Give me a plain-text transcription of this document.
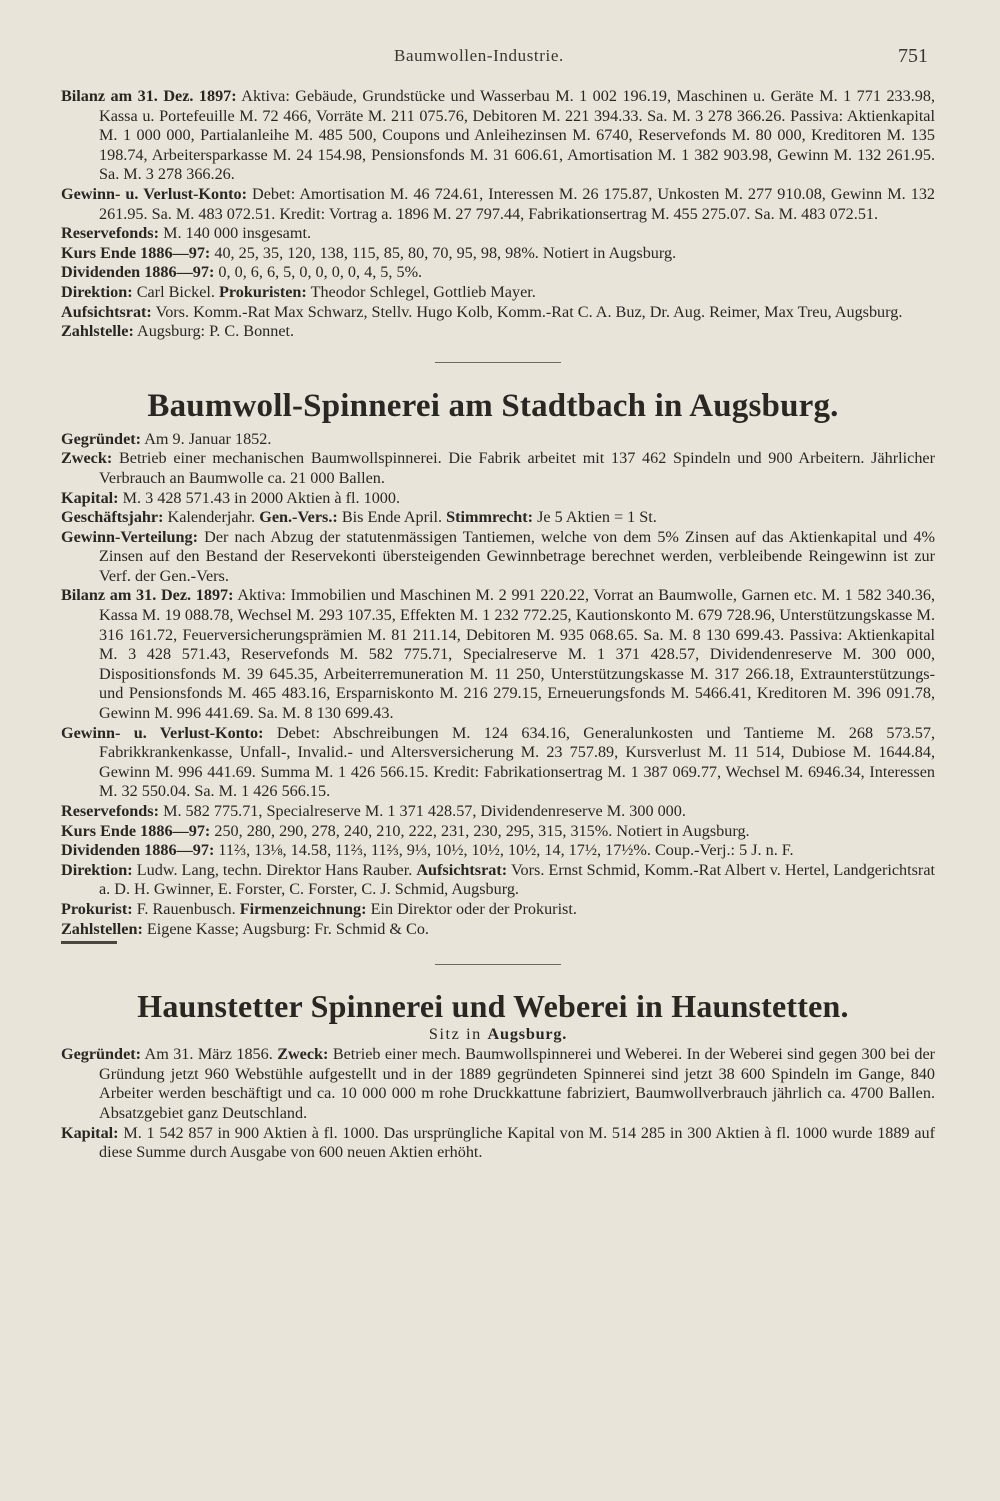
Baumwollen-Industrie.	751

Bilanz am 31. Dez. 1897: Aktiva: Gebäude, Grundstücke und Wasserbau M. 1 002 196.19, Maschinen u. Geräte M. 1 771 233.98, Kassa u. Portefeuille M. 72 466, Vorräte M. 211 075.76, Debitoren M. 221 394.33. Sa. M. 3 278 366.26. Passiva: Aktienkapital M. 1 000 000, Partialanleihe M. 485 500, Coupons und Anleihezinsen M. 6740, Reservefonds M. 80 000, Kreditoren M. 135 198.74, Arbeitersparkasse M. 24 154.98, Pensionsfonds M. 31 606.61, Amortisation M. 1 382 903.98, Gewinn M. 132 261.95. Sa. M. 3 278 366.26.

Gewinn- u. Verlust-Konto: Debet: Amortisation M. 46 724.61, Interessen M. 26 175.87, Unkosten M. 277 910.08, Gewinn M. 132 261.95. Sa. M. 483 072.51. Kredit: Vortrag a. 1896 M. 27 797.44, Fabrikationsertrag M. 455 275.07. Sa. M. 483 072.51.

Reservefonds: M. 140 000 insgesamt.

Kurs Ende 1886—97: 40, 25, 35, 120, 138, 115, 85, 80, 70, 95, 98, 98%. Notiert in Augsburg.

Dividenden 1886—97: 0, 0, 6, 6, 5, 0, 0, 0, 0, 4, 5, 5%.

Direktion: Carl Bickel. Prokuristen: Theodor Schlegel, Gottlieb Mayer.

Aufsichtsrat: Vors. Komm.-Rat Max Schwarz, Stellv. Hugo Kolb, Komm.-Rat C. A. Buz, Dr. Aug. Reimer, Max Treu, Augsburg.

Zahlstelle: Augsburg: P. C. Bonnet.

Baumwoll-Spinnerei am Stadtbach in Augsburg.

Gegründet: Am 9. Januar 1852.

Zweck: Betrieb einer mechanischen Baumwollspinnerei. Die Fabrik arbeitet mit 137 462 Spindeln und 900 Arbeitern. Jährlicher Verbrauch an Baumwolle ca. 21 000 Ballen.

Kapital: M. 3 428 571.43 in 2000 Aktien à fl. 1000.

Geschäftsjahr: Kalenderjahr. Gen.-Vers.: Bis Ende April. Stimmrecht: Je 5 Aktien = 1 St.

Gewinn-Verteilung: Der nach Abzug der statutenmässigen Tantiemen, welche von dem 5% Zinsen auf das Aktienkapital und 4% Zinsen auf den Bestand der Reservekonti übersteigenden Gewinnbetrage berechnet werden, verbleibende Reingewinn ist zur Verf. der Gen.-Vers.

Bilanz am 31. Dez. 1897: Aktiva: Immobilien und Maschinen M. 2 991 220.22, Vorrat an Baumwolle, Garnen etc. M. 1 582 340.36, Kassa M. 19 088.78, Wechsel M. 293 107.35, Effekten M. 1 232 772.25, Kautionskonto M. 679 728.96, Unterstützungskasse M. 316 161.72, Feuerversicherungsprämien M. 81 211.14, Debitoren M. 935 068.65. Sa. M. 8 130 699.43. Passiva: Aktienkapital M. 3 428 571.43, Reservefonds M. 582 775.71, Specialreserve M. 1 371 428.57, Dividendenreserve M. 300 000, Dispositionsfonds M. 39 645.35, Arbeiterremuneration M. 11 250, Unterstützungskasse M. 317 266.18, Extraunterstützungs- und Pensionsfonds M. 465 483.16, Ersparniskonto M. 216 279.15, Erneuerungsfonds M. 5466.41, Kreditoren M. 396 091.78, Gewinn M. 996 441.69. Sa. M. 8 130 699.43.

Gewinn- u. Verlust-Konto: Debet: Abschreibungen M. 124 634.16, Generalunkosten und Tantieme M. 268 573.57, Fabrikkrankenkasse, Unfall-, Invalid.- und Altersversicherung M. 23 757.89, Kursverlust M. 11 514, Dubiose M. 1644.84, Gewinn M. 996 441.69. Summa M. 1 426 566.15. Kredit: Fabrikationsertrag M. 1 387 069.77, Wechsel M. 6946.34, Interessen M. 32 550.04. Sa. M. 1 426 566.15.

Reservefonds: M. 582 775.71, Specialreserve M. 1 371 428.57, Dividendenreserve M. 300 000.

Kurs Ende 1886—97: 250, 280, 290, 278, 240, 210, 222, 231, 230, 295, 315, 315%. Notiert in Augsburg.

Dividenden 1886—97: 11⅔, 13⅛, 14.58, 11⅔, 11⅔, 9⅓, 10½, 10½, 10½, 14, 17½, 17½%. Coup.-Verj.: 5 J. n. F.

Direktion: Ludw. Lang, techn. Direktor Hans Rauber. Aufsichtsrat: Vors. Ernst Schmid, Komm.-Rat Albert v. Hertel, Landgerichtsrat a. D. H. Gwinner, E. Forster, C. Forster, C. J. Schmid, Augsburg.

Prokurist: F. Rauenbusch. Firmenzeichnung: Ein Direktor oder der Prokurist.

Zahlstellen: Eigene Kasse; Augsburg: Fr. Schmid & Co.

Haunstetter Spinnerei und Weberei in Haunstetten.
Sitz in Augsburg.

Gegründet: Am 31. März 1856. Zweck: Betrieb einer mech. Baumwollspinnerei und Weberei. In der Weberei sind gegen 300 bei der Gründung jetzt 960 Webstühle aufgestellt und in der 1889 gegründeten Spinnerei sind jetzt 38 600 Spindeln im Gange, 840 Arbeiter werden beschäftigt und ca. 10 000 000 m rohe Druckkattune fabriziert, Baumwollverbrauch jährlich ca. 4700 Ballen. Absatzgebiet ganz Deutschland.

Kapital: M. 1 542 857 in 900 Aktien à fl. 1000. Das ursprüngliche Kapital von M. 514 285 in 300 Aktien à fl. 1000 wurde 1889 auf diese Summe durch Ausgabe von 600 neuen Aktien erhöht.
